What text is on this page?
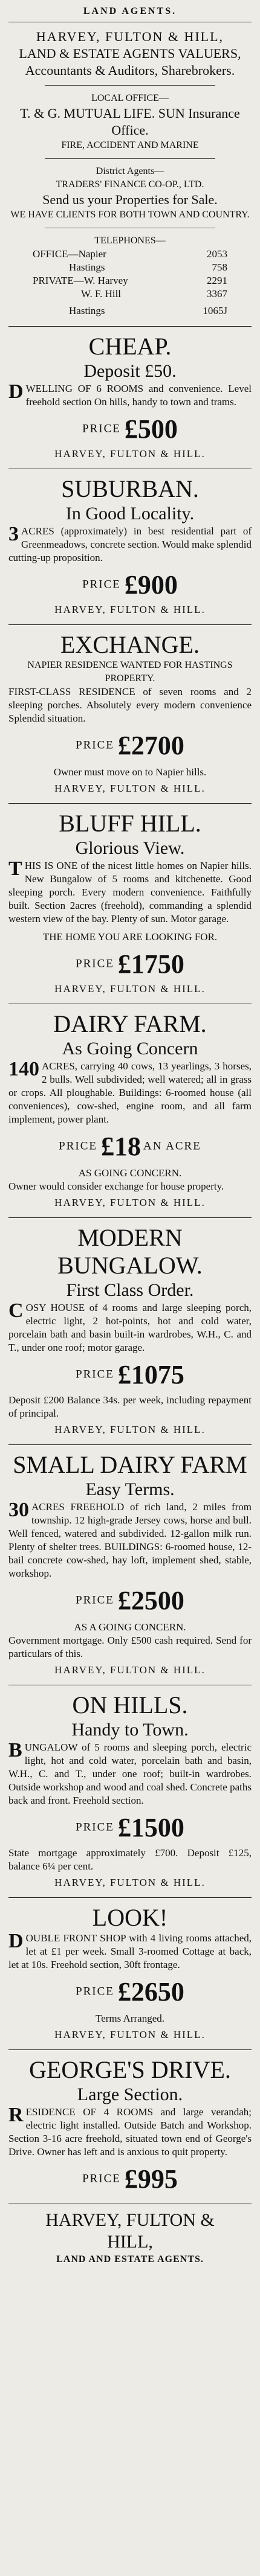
LAND AGENTS.
HARVEY, FULTON & HILL,
LAND & ESTATE AGENTS VALUERS,
Accountants & Auditors, Sharebrokers.
LOCAL OFFICE—
T. & G. MUTUAL LIFE. SUN Insurance Office.
FIRE, ACCIDENT AND MARINE
District Agents—
TRADERS' FINANCE CO-OP., LTD.
Send us your Properties for Sale.
WE HAVE CLIENTS FOR BOTH TOWN AND COUNTRY.
TELEPHONES—
OFFICE—Napier	2053
Hastings	758
PRIVATE—W. Harvey	2291
W. F. Hill	3367
Hastings	1065J
CHEAP.
Deposit £50.
DWELLING OF 6 ROOMS and convenience. Level freehold section On hills, handy to town and trams.
PRICE £500
HARVEY, FULTON & HILL.
SUBURBAN.
In Good Locality.
3 ACRES (approximately) in best residential part of Greenmeadows, concrete section. Would make splendid cutting-up proposition.
PRICE £900
HARVEY, FULTON & HILL.
EXCHANGE.
NAPIER RESIDENCE WANTED FOR HASTINGS PROPERTY.
FIRST-CLASS RESIDENCE of seven rooms and 2 sleeping porches. Absolutely every modern convenience Splendid situation.
PRICE £2700
Owner must move on to Napier hills.
HARVEY, FULTON & HILL.
BLUFF HILL.
Glorious View.
THIS IS ONE of the nicest little homes on Napier hills. New Bungalow of 5 rooms and kitchenette. Good sleeping porch. Every modern convenience. Faithfully built. Section 2acres (freehold), commanding a splendid western view of the bay. Plenty of sun. Motor garage.
THE HOME YOU ARE LOOKING FOR.
PRICE £1750
HARVEY, FULTON & HILL.
DAIRY FARM.
As Going Concern
140 ACRES, carrying 40 cows, 13 yearlings, 3 horses, 2 bulls. Well subdivided; well watered; all in grass or crops. All ploughable. Buildings: 6-roomed house (all conveniences), cow-shed, engine room, and all farm implement, power plant.
PRICE £18 AN ACRE
AS GOING CONCERN.
Owner would consider exchange for house property.
HARVEY, FULTON & HILL.
MODERN BUNGALOW.
First Class Order.
COSY HOUSE of 4 rooms and large sleeping porch, electric light, 2 hot-points, hot and cold water, porcelain bath and basin built-in wardrobes, W.H., C. and T., under one roof; motor garage.
PRICE £1075
Deposit £200 Balance 34s. per week, including repayment of principal.
HARVEY, FULTON & HILL.
SMALL DAIRY FARM
Easy Terms.
30 ACRES FREEHOLD of rich land, 2 miles from township. 12 high-grade Jersey cows, horse and bull. Well fenced, watered and subdivided. 12-gallon milk run. Plenty of shelter trees. BUILDINGS: 6-roomed house, 12-bail concrete cow-shed, hay loft, implement shed, stable, workshop.
PRICE £2500
AS A GOING CONCERN.
Government mortgage. Only £500 cash required. Send for particulars of this.
HARVEY, FULTON & HILL.
ON HILLS.
Handy to Town.
BUNGALOW of 5 rooms and sleeping porch, electric light, hot and cold water, porcelain bath and basin, W.H., C. and T., under one roof; built-in wardrobes. Outside workshop and wood and coal shed. Concrete paths back and front. Freehold section.
PRICE £1500
State mortgage approximately £700. Deposit £125, balance 6¼ per cent.
HARVEY, FULTON & HILL.
LOOK!
DOUBLE FRONT SHOP with 4 living rooms attached, let at £1 per week. Small 3-roomed Cottage at back, let at 10s. Freehold section, 30ft frontage.
PRICE £2650
Terms Arranged.
HARVEY, FULTON & HILL.
GEORGE'S DRIVE.
Large Section.
RESIDENCE OF 4 ROOMS and large verandah; electric light installed. Outside Batch and Workshop. Section 3-16 acre freehold, situated town end of George's Drive. Owner has left and is anxious to quit property.
PRICE £995
HARVEY, FULTON &
HILL,
LAND AND ESTATE AGENTS.
